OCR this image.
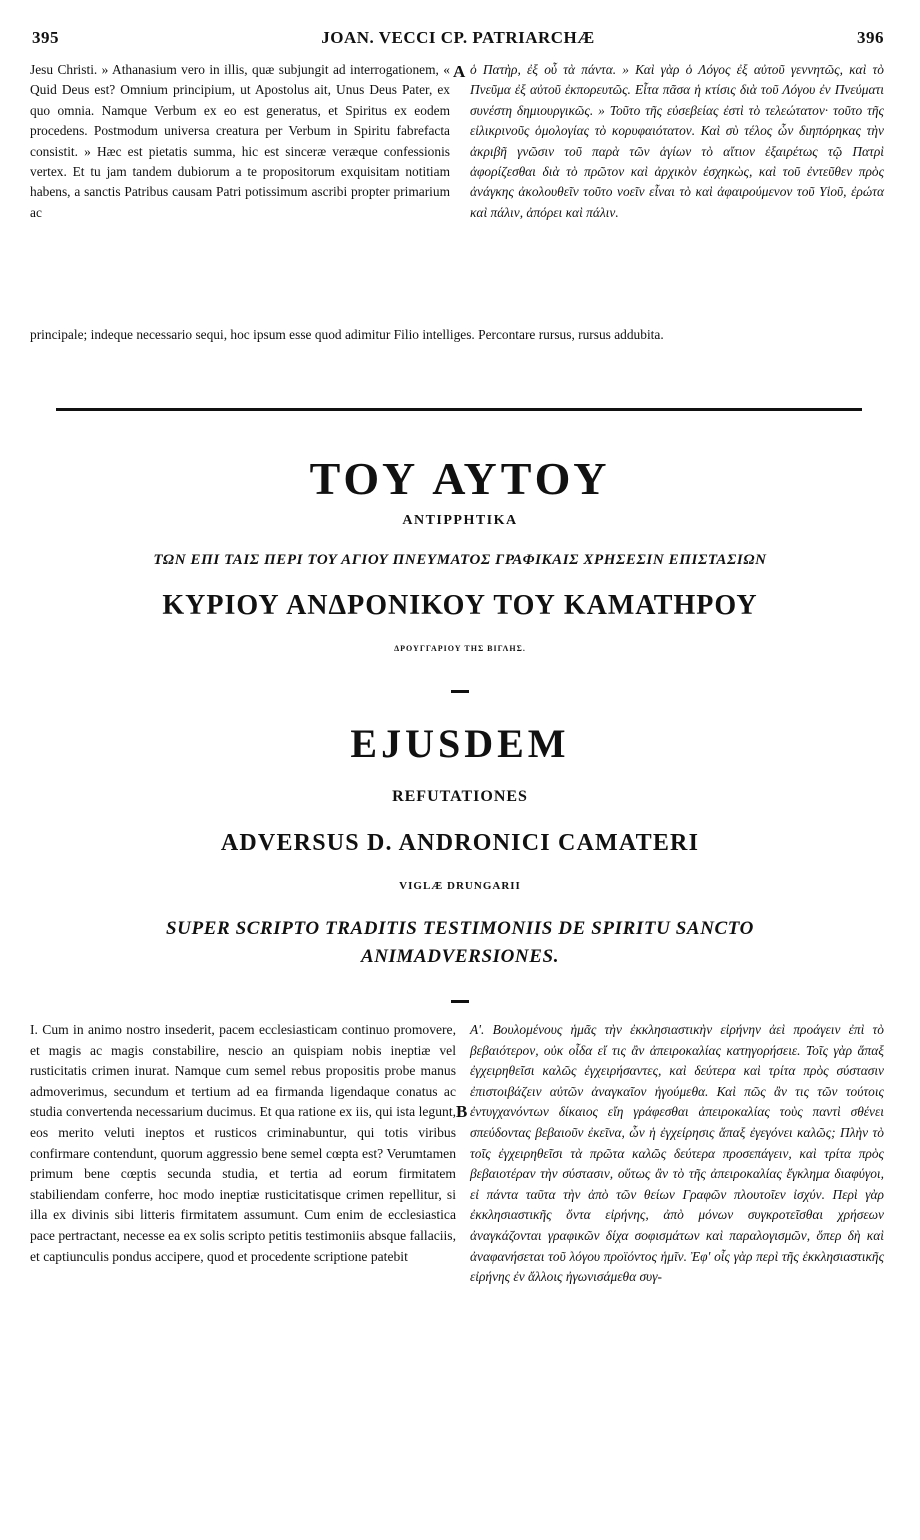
395	JOAN. VECCI CP. PATRIARCHÆ	396

Jesu Christi. » Athanasium vero in illis, quæ subjungit ad interrogationem, « Quid Deus est? Omnium principium, ut Apostolus ait, Unus Deus Pater, ex quo omnia. Namque Verbum ex eo est generatus, et Spiritus ex eodem procedens. Postmodum universa creatura per Verbum in Spiritu fabrefacta consistit. » Hæc est pietatis summa, hic est sinceræ veræque confessionis vertex. Et tu jam tandem dubiorum a te propositorum exquisitam notitiam habens, a sanctis Patribus causam Patri potissimum ascribi propter primarium ac

A ὁ Πατὴρ, ἐξ οὗ τὰ πάντα. » Καὶ γὰρ ὁ Λόγος ἐξ αὐτοῦ γεννητῶς, καὶ τὸ Πνεῦμα ἐξ αὐτοῦ ἐκπορευτῶς. Εἶτα πᾶσα ἡ κτίσις διὰ τοῦ Λόγου ἐν Πνεύματι συνέστη δημιουργικῶς. » Τοῦτο τῆς εὐσεβείας ἐστὶ τὸ τελεώτατον· τοῦτο τῆς εἰλικρινοῦς ὁμολογίας τὸ κορυφαιότατον. Καὶ σὺ τέλος ὧν διηπόρηκας τὴν ἀκριβῆ γνῶσιν τοῦ παρὰ τῶν ἁγίων τὸ αἴτιον ἐξαιρέτως τῷ Πατρὶ ἀφορίζεσθαι διὰ τὸ πρῶτον καὶ ἀρχικὸν ἐσχηκὼς, καὶ τοῦ ἐντεῦθεν πρὸς ἀνάγκης ἀκολουθεῖν τοῦτο νοεῖν εἶναι τὸ καὶ ἀφαιρούμενον τοῦ Υἱοῦ, ἐρώτα καὶ πάλιν, ἀπόρει καὶ πάλιν.

principale; indeque necessario sequi, hoc ipsum esse quod adimitur Filio intelliges. Percontare rursus, rursus addubita.

ΤΟΥ ΑΥΤΟΥ
ΑΝΤΙΡΡΗΤΙΚΑ
ΤΩΝ ΕΠΙ ΤΑΙΣ ΠΕΡΙ ΤΟΥ ΑΓΙΟΥ ΠΝΕΥΜΑΤΟΣ ΓΡΑΦΙΚΑΙΣ ΧΡΗΣΕΣΙΝ ΕΠΙΣΤΑΣΙΩΝ
ΚΥΡΙΟΥ ΑΝΔΡΟΝΙΚΟΥ ΤΟΥ ΚΑΜΑΤΗΡΟΥ
ΔΡΟΥΓΓΑΡΙΟΥ ΤΗΣ ΒΙΓΛΗΣ.
EJUSDEM
REFUTATIONES
ADVERSUS D. ANDRONICI CAMATERI
VIGLÆ DRUNGARII
SUPER SCRIPTO TRADITIS TESTIMONIIS DE SPIRITU SANCTO ANIMADVERSIONES.

I. Cum in animo nostro insederit, pacem ecclesiasticam continuo promovere, et magis ac magis constabilire, nescio an quispiam nobis ineptiæ vel rusticitatis crimen inurat. Namque cum semel rebus propositis probe manus admoverimus, secundum et tertium ad ea firmanda ligendaque conatus ac studia convertenda necessarium ducimus. Et qua ratione ex iis, qui ista legunt, eos merito veluti ineptos et rusticos criminabuntur, qui totis viribus confirmare contendunt, quorum aggressio bene semel cœpta est? Verumtamen primum bene cœptis secunda studia, et tertia ad eorum firmitatem stabiliendam conferre, hoc modo ineptiæ rusticitatisque crimen repellitur, si illa ex divinis sibi litteris firmitatem assumunt. Cum enim de ecclesiastica pace pertractant, necesse ea ex solis scripto petitis testimoniis absque fallaciis, et captiunculis pondus accipere, quod et procedente scriptione patebit

B

Α'. Βουλομένους ἡμᾶς τὴν ἐκκλησιαστικὴν εἰρήνην ἀεὶ προάγειν ἐπὶ τὸ βεβαιότερον, οὐκ οἶδα εἴ τις ἂν ἀπειροκαλίας κατηγορήσειε. Τοῖς γὰρ ἅπαξ ἐγχειρηθεῖσι καλῶς ἐγχειρήσαντες, καὶ δεύτερα καὶ τρίτα πρὸς σύστασιν ἐπιστοιβάζειν αὐτῶν ἀναγκαῖον ἡγούμεθα. Καὶ πῶς ἂν τις τῶν τούτοις ἐντυγχανόντων δίκαιος εἴη γράφεσθαι ἀπειροκαλίας τοὺς παντὶ σθένει σπεύδοντας βεβαιοῦν ἐκεῖνα, ὧν ἡ ἐγχείρησις ἅπαξ ἐγεγόνει καλῶς; Πλὴν τὸ τοῖς ἐγχειρηθεῖσι τὰ πρῶτα καλῶς δεύτερα προσεπάγειν, καὶ τρίτα πρὸς βεβαιοτέραν τὴν σύστασιν, οὕτως ἂν τὸ τῆς ἀπειροκαλίας ἔγκλημα διαφύγοι, εἰ πάντα ταῦτα τὴν ἀπὸ τῶν θείων Γραφῶν πλουτοῖεν ἰσχύν. Περὶ γὰρ ἐκκλησιαστικῆς ὄντα εἰρήνης, ἀπὸ μόνων συγκροτεῖσθαι χρήσεων ἀναγκάζονται γραφικῶν δίχα σοφισμάτων καὶ παραλογισμῶν, ὅπερ δὴ καὶ ἀναφανήσεται τοῦ λόγου προϊόντος ἡμῖν. Ἐφ' οἷς γὰρ περὶ τῆς ἐκκλησιαστικῆς εἰρήνης ἐν ἄλλοις ἠγωνισάμεθα συγ-
